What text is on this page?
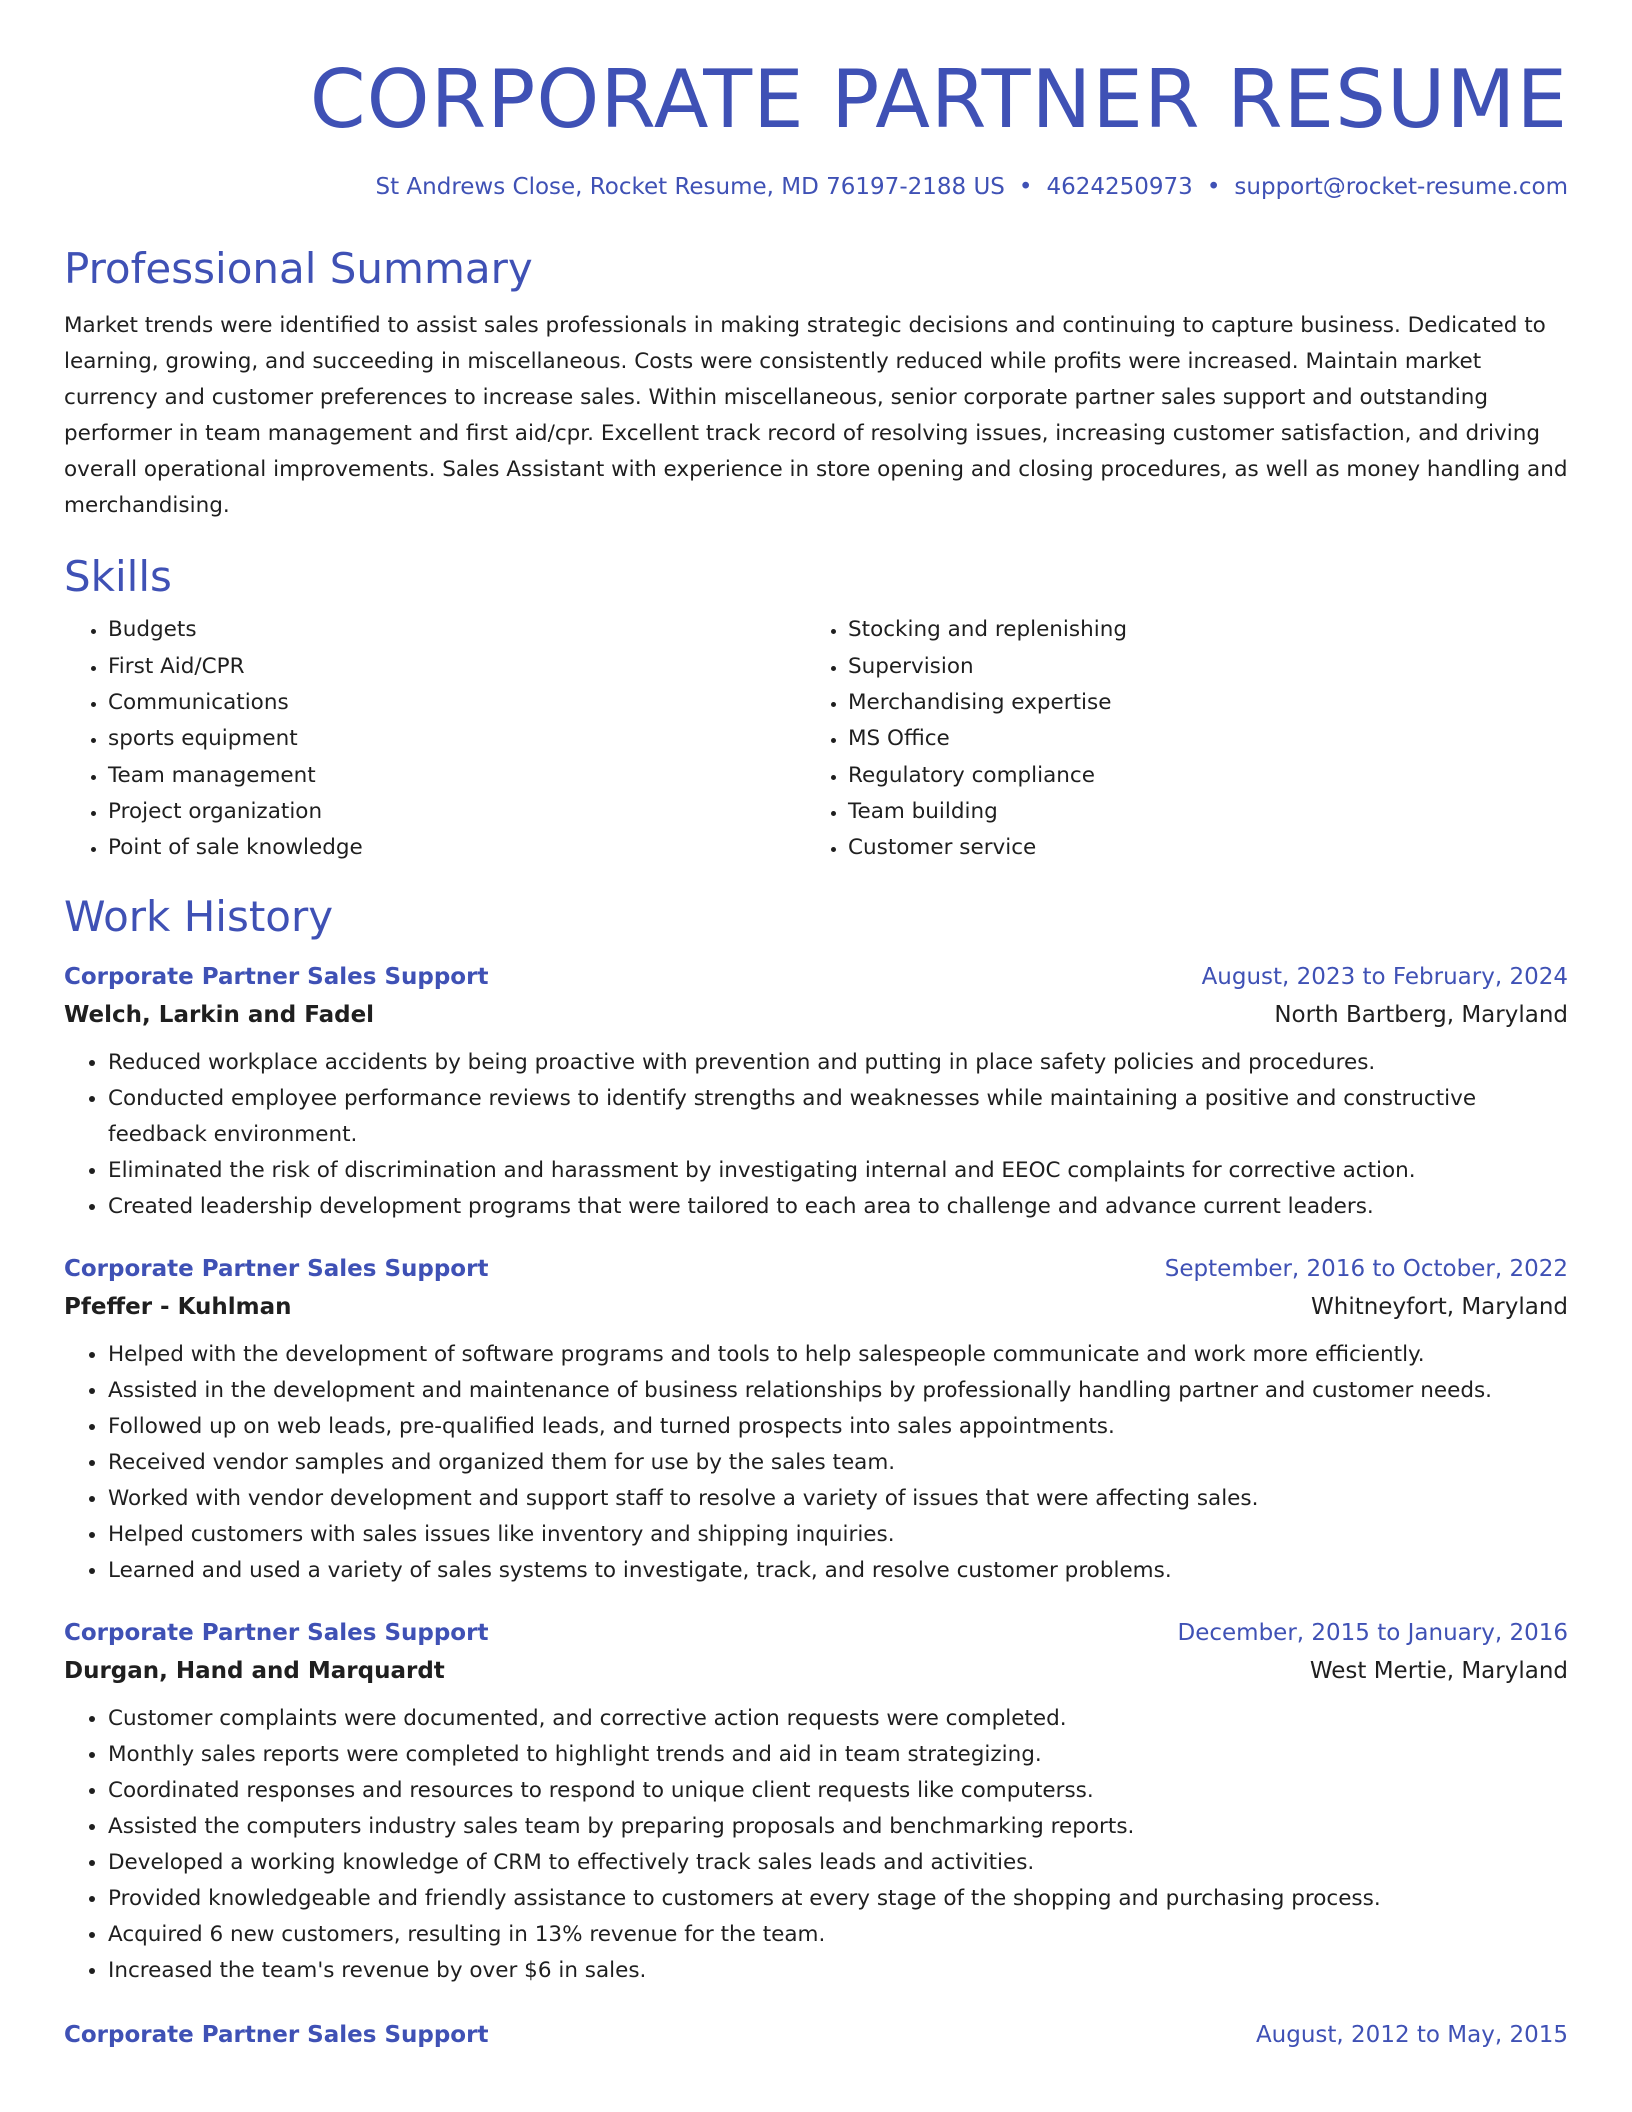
CORPORATE PARTNER RESUME
St Andrews Close, Rocket Resume, MD 76197-2188 US • 4624250973 • support@rocket-resume.com
Professional Summary

Market trends were identified to assist sales professionals in making strategic decisions and continuing to capture business. Dedicated to learning, growing, and succeeding in miscellaneous. Costs were consistently reduced while profits were increased. Maintain market currency and customer preferences to increase sales. Within miscellaneous, senior corporate partner sales support and outstanding performer in team management and first aid/cpr. Excellent track record of resolving issues, increasing customer satisfaction, and driving overall operational improvements. Sales Assistant with experience in store opening and closing procedures, as well as money handling and merchandising.

Skills
• Budgets
• First Aid/CPR
• Communications
• sports equipment
• Team management
• Project organization
• Point of sale knowledge
• Stocking and replenishing
• Supervision
• Merchandising expertise
• MS Office
• Regulatory compliance
• Team building
• Customer service
Work History
Corporate Partner Sales Support	August, 2023 to February, 2024
Welch, Larkin and Fadel	North Bartberg, Maryland
• Reduced workplace accidents by being proactive with prevention and putting in place safety policies and procedures.
• Conducted employee performance reviews to identify strengths and weaknesses while maintaining a positive and constructive feedback environment.
• Eliminated the risk of discrimination and harassment by investigating internal and EEOC complaints for corrective action.
• Created leadership development programs that were tailored to each area to challenge and advance current leaders.
Corporate Partner Sales Support	September, 2016 to October, 2022
Pfeffer - Kuhlman	Whitneyfort, Maryland
• Helped with the development of software programs and tools to help salespeople communicate and work more efficiently.
• Assisted in the development and maintenance of business relationships by professionally handling partner and customer needs.
• Followed up on web leads, pre-qualified leads, and turned prospects into sales appointments.
• Received vendor samples and organized them for use by the sales team.
• Worked with vendor development and support staff to resolve a variety of issues that were affecting sales.
• Helped customers with sales issues like inventory and shipping inquiries.
• Learned and used a variety of sales systems to investigate, track, and resolve customer problems.
Corporate Partner Sales Support	December, 2015 to January, 2016
Durgan, Hand and Marquardt	West Mertie, Maryland
• Customer complaints were documented, and corrective action requests were completed.
• Monthly sales reports were completed to highlight trends and aid in team strategizing.
• Coordinated responses and resources to respond to unique client requests like computerss.
• Assisted the computers industry sales team by preparing proposals and benchmarking reports.
• Developed a working knowledge of CRM to effectively track sales leads and activities.
• Provided knowledgeable and friendly assistance to customers at every stage of the shopping and purchasing process.
• Acquired 6 new customers, resulting in 13% revenue for the team.
• Increased the team's revenue by over $6 in sales.
Corporate Partner Sales Support	August, 2012 to May, 2015
